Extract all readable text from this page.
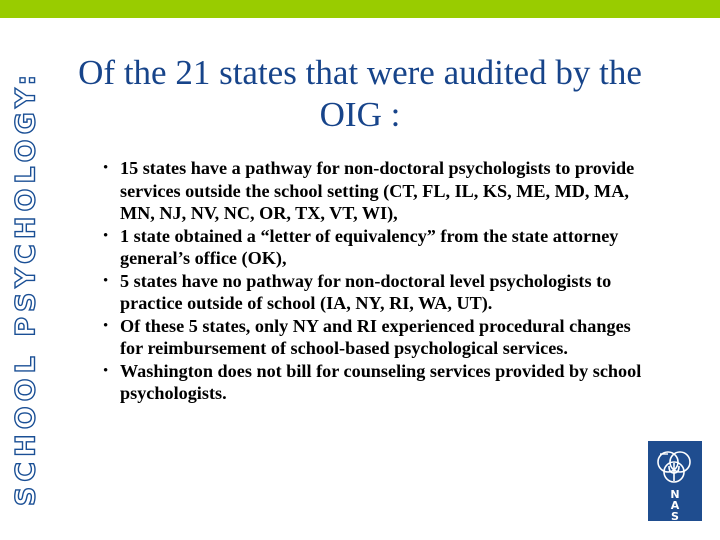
SCHOOL PSYCHOLOGY:	Of the 21 states that were audited by the OIG :
• 15 states have a pathway for non-doctoral psychologists to provide services outside the school setting (CT, FL, IL, KS, ME, MD, MA, MN, NJ, NV, NC, OR, TX, VT, WI),
• 1 state obtained a “letter of equivalency” from the state attorney general’s office (OK),
• 5 states have no pathway for non-doctoral level psychologists to practice outside of school (IA, NY, RI, WA, UT).
• Of these 5 states, only NY and RI experienced procedural changes for reimbursement of school-based psychological services.
• Washington does not bill for counseling services provided by school psychologists.
N
A
S
